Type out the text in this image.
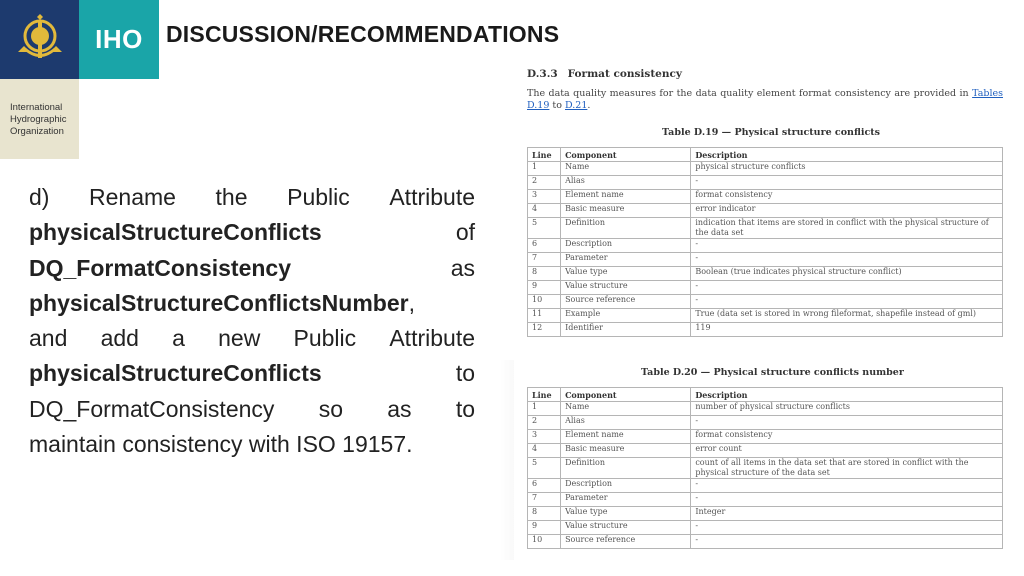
IHO
International
Hydrographic
Organization
DISCUSSION/RECOMMENDATIONS
d) Rename the Public Attribute
physicalStructureConflicts	of
DQ_FormatConsistency	as
physicalStructureConflictsNumber ,
and add a new Public Attribute
physicalStructureConflicts	to
DQ_FormatConsistency so as to
maintain consistency with ISO 19157.
D.3.3 Format consistency
The data quality measures for the data quality element format consistency are provided in Tables D.19 to D.21.
Table D.19 — Physical structure conflicts
Line	Component	Description
1	Name	physical structure conflicts
2	Alias	-
3	Element name	format consistency
4	Basic measure	error indicator
5	Definition	indication that items are stored in conflict with the physical structure of the data set
6	Description	-
7	Parameter	-
8	Value type	Boolean (true indicates physical structure conflict)
9	Value structure	-
10	Source reference	-
11	Example	True (data set is stored in wrong fileformat, shapefile instead of gml)
12	Identifier	119
Table D.20 — Physical structure conflicts number
Line	Component	Description
1	Name	number of physical structure conflicts
2	Alias	-
3	Element name	format consistency
4	Basic measure	error count
5	Definition	count of all items in the data set that are stored in conflict with the physical structure of the data set
6	Description	-
7	Parameter	-
8	Value type	Integer
9	Value structure	-
10	Source reference	-
